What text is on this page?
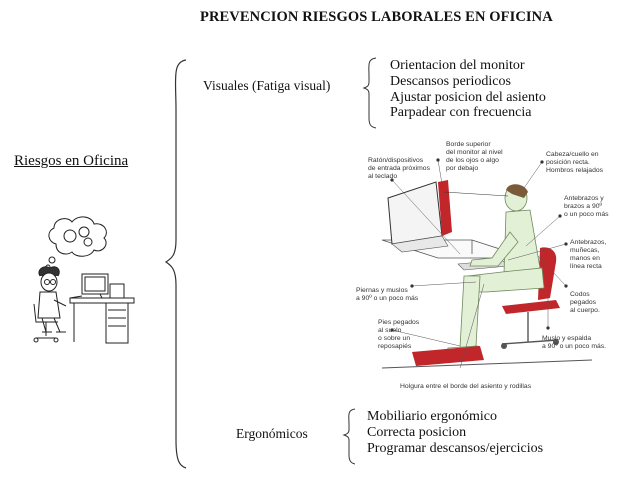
PREVENCION RIESGOS LABORALES EN OFICINA
Riesgos en Oficina
Visuales (Fatiga visual)
Orientacion del monitor
Descansos periodicos
Ajustar posicion del asiento
Parpadear con frecuencia
Ratón/dispositivos de entrada próximos al teclado
Borde superior del monitor al nivel de los ojos o algo por debajo
Cabeza/cuello en posición recta. Hombros relajados
Antebrazos y brazos a 90º o un poco más
Antebrazos, muñecas, manos en línea recta
Piernas y muslos a 90º o un poco más
Codos pegados al cuerpo.
Pies pegados al suelo o sobre un reposapiés
Muslo y espalda a 90º o un poco más.
Holgura entre el borde del asiento y rodillas
Ergonómicos
Mobiliario ergonómico
Correcta posicion
Programar descansos/ejercicios
